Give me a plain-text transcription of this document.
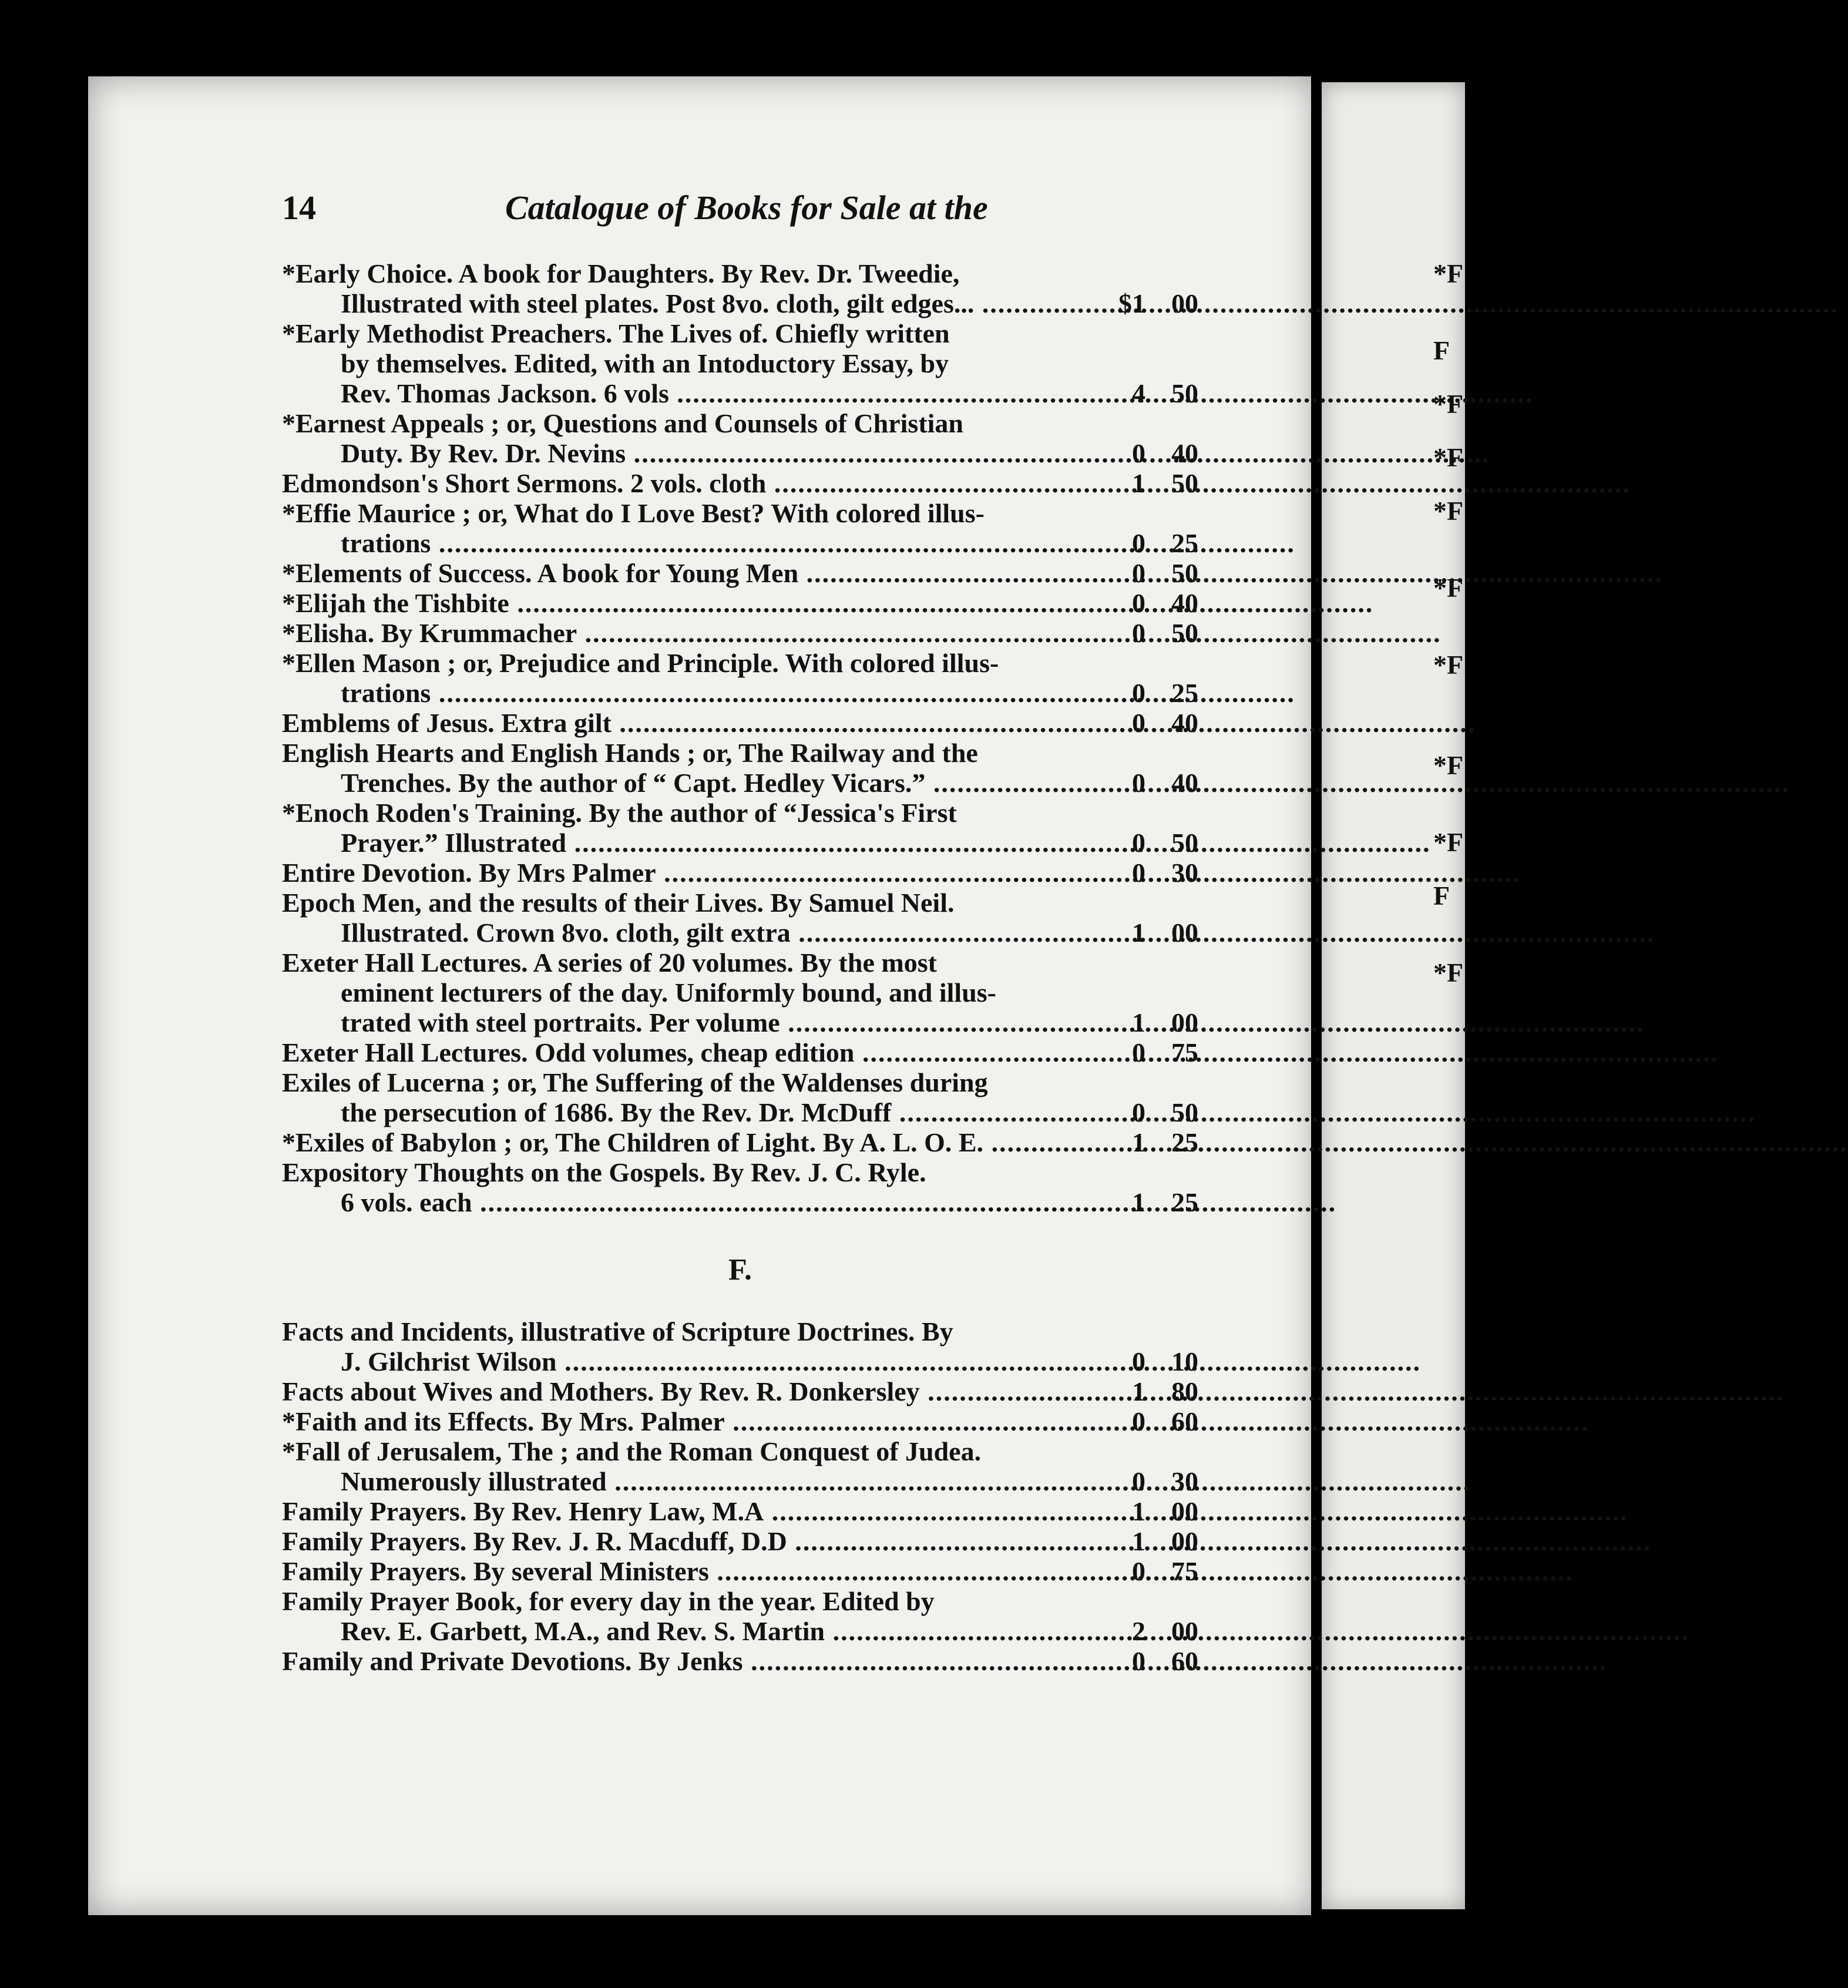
14	Catalogue of Books for Sale at the
*Early Choice. A book for Daughters. By Rev. Dr. Tweedie,
Illustrated with steel plates. Post 8vo. cloth, gilt edges... .....	$1 00
*Early Methodist Preachers. The Lives of. Chiefly written
by themselves. Edited, with an Intoductory Essay, by
Rev. Thomas Jackson. 6 vols .....	4 50
*Earnest Appeals ; or, Questions and Counsels of Christian
Duty. By Rev. Dr. Nevins .....	0 40
Edmondson's Short Sermons. 2 vols. cloth .....	1 50
*Effie Maurice ; or, What do I Love Best? With colored illus-
trations .....	0 25
*Elements of Success. A book for Young Men .....	0 50
*Elijah the Tishbite .....	0 40
*Elisha. By Krummacher .....	0 50
*Ellen Mason ; or, Prejudice and Principle. With colored illus-
trations .....	0 25
Emblems of Jesus. Extra gilt .....	0 40
English Hearts and English Hands ; or, The Railway and the
Trenches. By the author of “ Capt. Hedley Vicars.” .....	0 40
*Enoch Roden's Training. By the author of “Jessica's First
Prayer.” Illustrated .....	0 50
Entire Devotion. By Mrs Palmer .....	0 30
Epoch Men, and the results of their Lives. By Samuel Neil.
Illustrated. Crown 8vo. cloth, gilt extra .....	1 00
Exeter Hall Lectures. A series of 20 volumes. By the most
eminent lecturers of the day. Uniformly bound, and illus-
trated with steel portraits. Per volume .....	1 00
Exeter Hall Lectures. Odd volumes, cheap edition .....	0 75
Exiles of Lucerna ; or, The Suffering of the Waldenses during
the persecution of 1686. By the Rev. Dr. McDuff .....	0 50
*Exiles of Babylon ; or, The Children of Light. By A. L. O. E. .....	1 25
Expository Thoughts on the Gospels. By Rev. J. C. Ryle.
6 vols. each .....	1 25
F.
Facts and Incidents, illustrative of Scripture Doctrines. By
J. Gilchrist Wilson .....	0 10
Facts about Wives and Mothers. By Rev. R. Donkersley .....	1 80
*Faith and its Effects. By Mrs. Palmer .....	0 60
*Fall of Jerusalem, The ; and the Roman Conquest of Judea.
Numerously illustrated .....	0 30
Family Prayers. By Rev. Henry Law, M.A .....	1 00
Family Prayers. By Rev. J. R. Macduff, D.D .....	1 00
Family Prayers. By several Ministers .....	0 75
Family Prayer Book, for every day in the year. Edited by
Rev. E. Garbett, M.A., and Rev. S. Martin .....	2 00
Family and Private Devotions. By Jenks .....	0 60
*F
F
*F
*F
*F
*F
*F
*F
*F
F
*F
